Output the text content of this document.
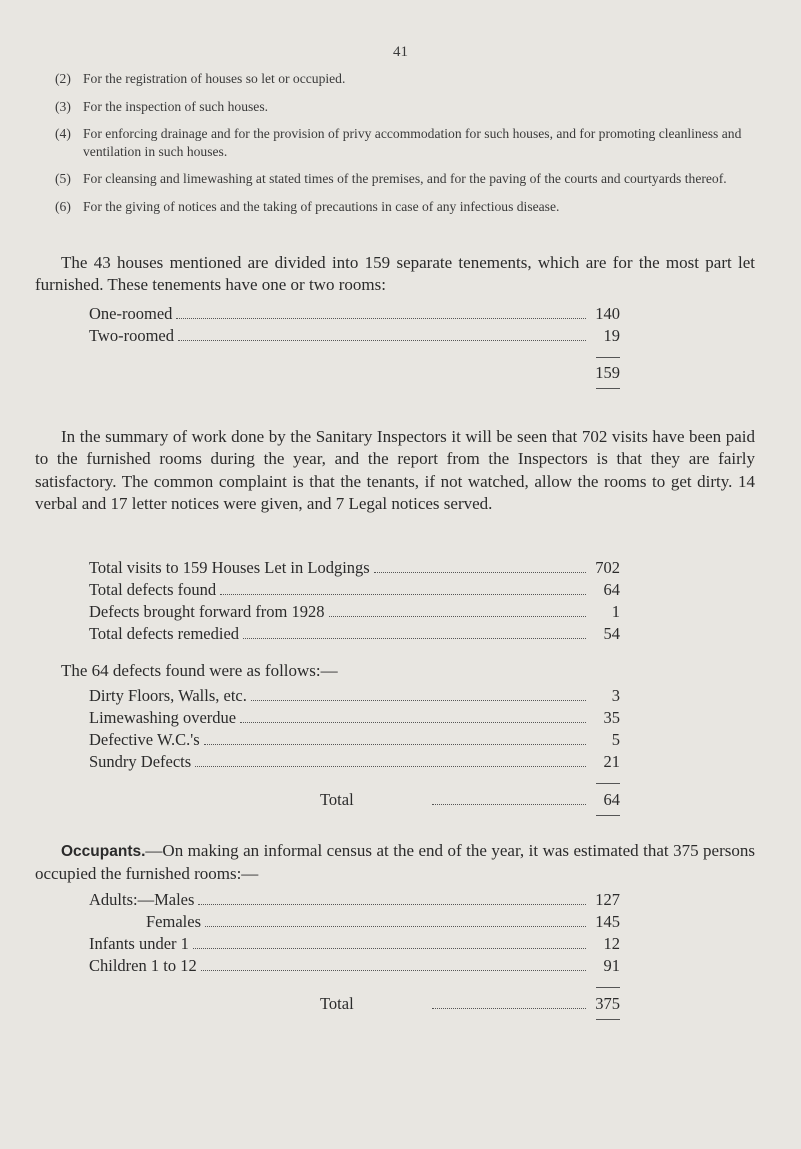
41
(2) For the registration of houses so let or occupied.
(3) For the inspection of such houses.
(4) For enforcing drainage and for the provision of privy accommodation for such houses, and for promoting cleanliness and ventilation in such houses.
(5) For cleansing and limewashing at stated times of the premises, and for the paving of the courts and courtyards thereof.
(6) For the giving of notices and the taking of precautions in case of any infectious disease.

The 43 houses mentioned are divided into 159 separate tenements, which are for the most part let furnished. These tenements have one or two rooms:

One-roomed	140
Two-roomed	19
159

In the summary of work done by the Sanitary Inspectors it will be seen that 702 visits have been paid to the furnished rooms during the year, and the report from the Inspectors is that they are fairly satisfactory. The common complaint is that the tenants, if not watched, allow the rooms to get dirty. 14 verbal and 17 letter notices were given, and 7 Legal notices served.

Total visits to 159 Houses Let in Lodgings	702
Total defects found	64
Defects brought forward from 1928	1
Total defects remedied	54
The 64 defects found were as follows:—
Dirty Floors, Walls, etc.	3
Limewashing overdue	35
Defective W.C.'s	5
Sundry Defects	21
Total	64

Occupants.—On making an informal census at the end of the year, it was estimated that 375 persons occupied the furnished rooms:—

Adults:—Males	127
Females	145
Infants under 1	12
Children 1 to 12	91
Total	375
